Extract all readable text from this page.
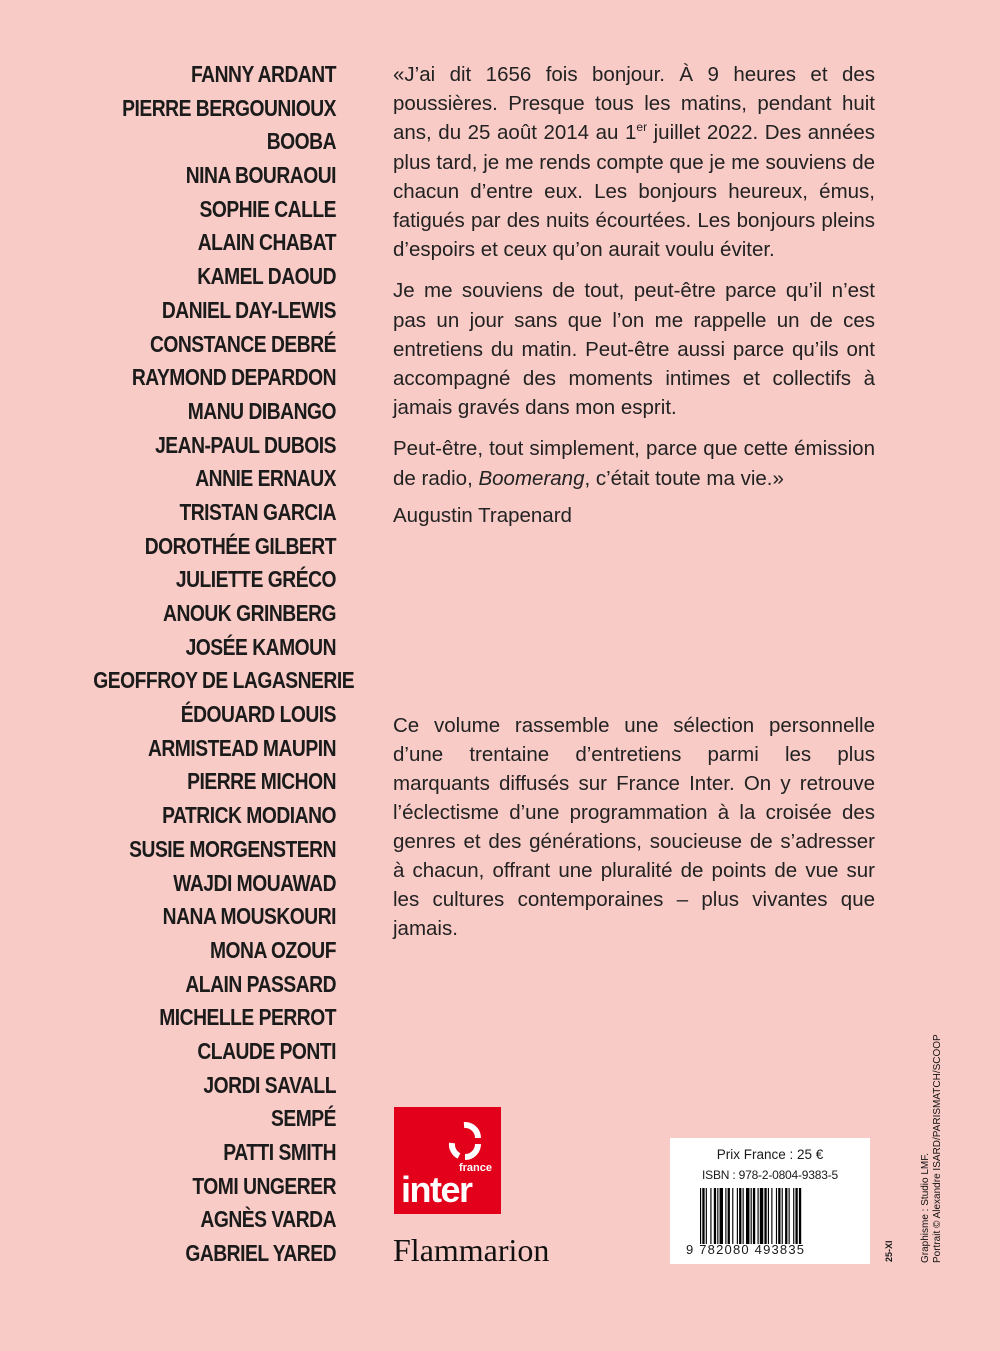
FANNY ARDANT
PIERRE BERGOUNIOUX
BOOBA
NINA BOURAOUI
SOPHIE CALLE
ALAIN CHABAT
KAMEL DAOUD
DANIEL DAY-LEWIS
CONSTANCE DEBRÉ
RAYMOND DEPARDON
MANU DIBANGO
JEAN-PAUL DUBOIS
ANNIE ERNAUX
TRISTAN GARCIA
DOROTHÉE GILBERT
JULIETTE GRÉCO
ANOUK GRINBERG
JOSÉE KAMOUN
GEOFFROY DE LAGASNERIE
ÉDOUARD LOUIS
ARMISTEAD MAUPIN
PIERRE MICHON
PATRICK MODIANO
SUSIE MORGENSTERN
WAJDI MOUAWAD
NANA MOUSKOURI
MONA OZOUF
ALAIN PASSARD
MICHELLE PERROT
CLAUDE PONTI
JORDI SAVALL
SEMPÉ
PATTI SMITH
TOMI UNGERER
AGNÈS VARDA
GABRIEL YARED

«J’ai dit 1656 fois bonjour. À 9 heures et des poussières. Presque tous les matins, pendant huit ans, du 25 août 2014 au 1er juillet 2022. Des années plus tard, je me rends compte que je me souviens de chacun d’entre eux. Les bonjours heureux, émus, fatigués par des nuits écourtées. Les bonjours pleins d’espoirs et ceux qu’on aurait voulu éviter.

Je me souviens de tout, peut-être parce qu’il n’est pas un jour sans que l’on me rappelle un de ces entretiens du matin. Peut-être aussi parce qu’ils ont accompagné des moments intimes et collectifs à jamais gravés dans mon esprit.

Peut-être, tout simplement, parce que cette émission de radio, Boomerang, c’était toute ma vie.»

Augustin Trapenard

Ce volume rassemble une sélection personnelle d’une trentaine d’entretiens parmi les plus marquants diffusés sur France Inter. On y retrouve l’éclectisme d’une programmation à la croisée des genres et des générations, soucieuse de s’adresser à chacun, offrant une pluralité de points de vue sur les cultures contemporaines – plus vivantes que jamais.

france
inter
Flammarion
Prix France : 25 €
ISBN : 978-2-0804-9383-5
9 782080 493835	Graphisme : Studio LMF. Portrait © Alexandre ISARD/PARISMATCH/SCOOP
25-XI
